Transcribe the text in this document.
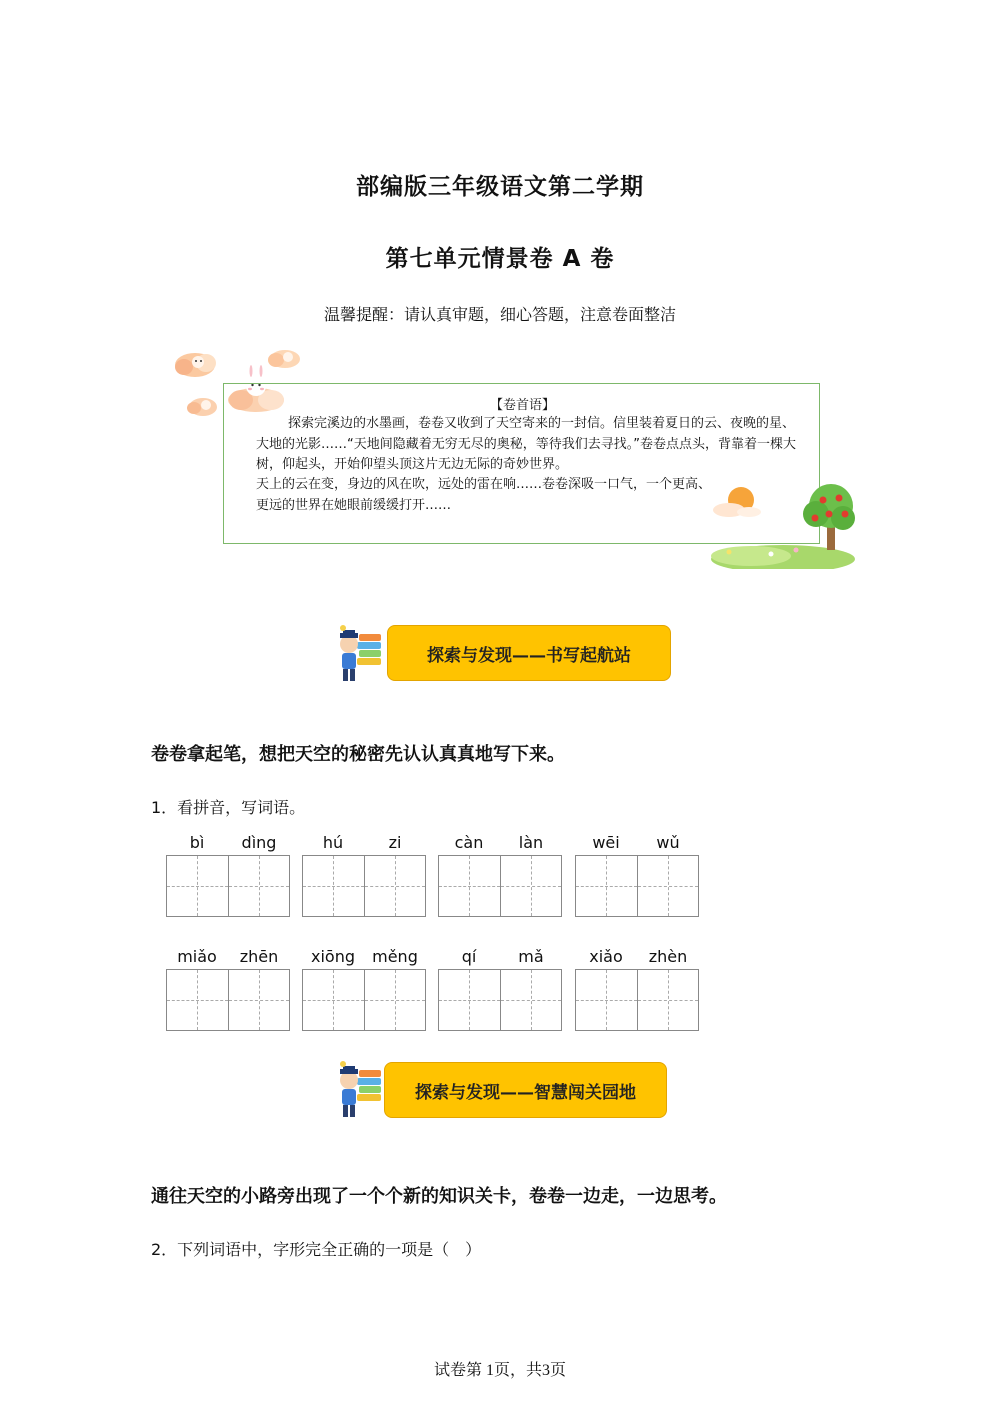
部编版三年级语文第二学期
第七单元情景卷 A 卷
温馨提醒：请认真审题，细心答题，注意卷面整洁
【卷首语】
探索完溪边的水墨画，卷卷又收到了天空寄来的一封信。信里装着夏日的云、夜晚的星、大地的光影……“天地间隐藏着无穷无尽的奥秘，等待我们去寻找。”卷卷点点头，背靠着一棵大树，仰起头，开始仰望头顶这片无边无际的奇妙世界。
天上的云在变，身边的风在吹，远处的雷在响……卷卷深吸一口气，一个更高、更远的世界在她眼前缓缓打开……
探索与发现——书写起航站
卷卷拿起笔，想把天空的秘密先认认真真地写下来。
1．看拼音，写词语。
探索与发现——智慧闯关园地
通往天空的小路旁出现了一个个新的知识关卡，卷卷一边走，一边思考。
2．下列词语中，字形完全正确的一项是（　）
试卷第 1页，共3页
bì	dìng	hú	zi	càn	làn	wēi	wǔ
miǎo	zhēn	xiōng	měng	qí	mǎ	xiǎo	zhèn
